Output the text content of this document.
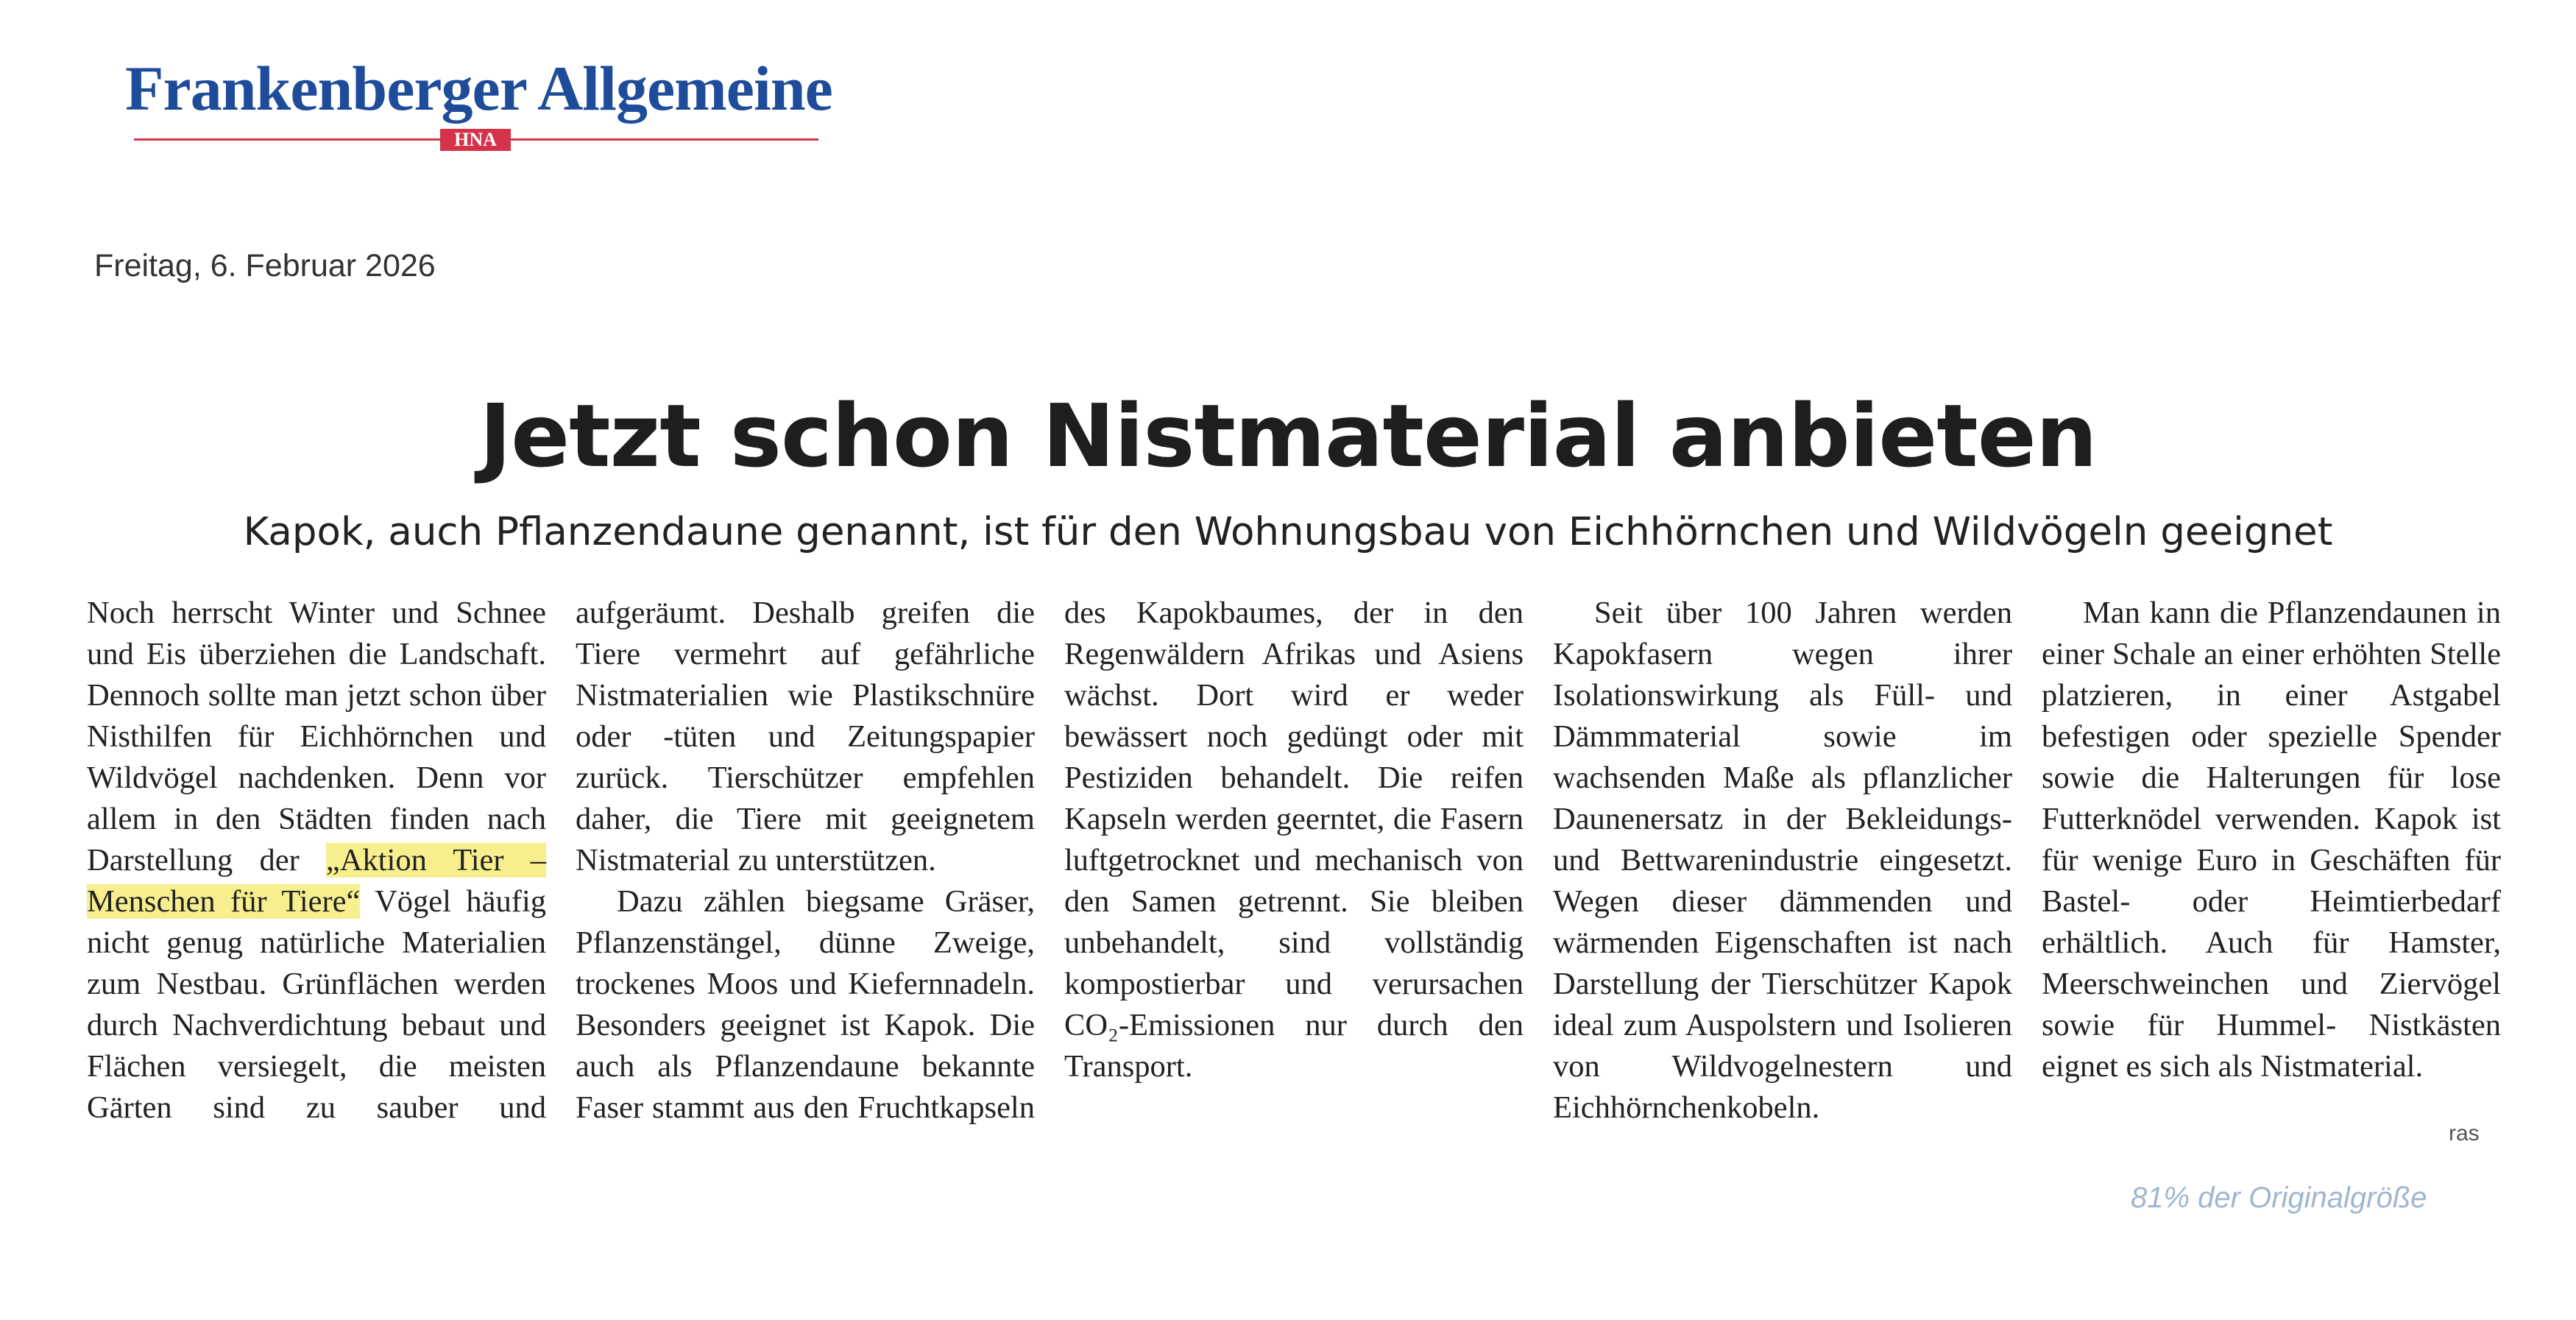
Frankenberger Allgemeine
HNA
Freitag, 6. Februar 2026
Jetzt schon Nistmaterial anbieten
Kapok, auch Pflanzendaune genannt, ist für den Wohnungsbau von Eichhörnchen und Wildvögeln geeignet

Noch herrscht Winter und Schnee und Eis überziehen die Landschaft. Dennoch sollte man jetzt schon über Nisthilfen für Eichhörnchen und Wildvögel nachdenken. Denn vor allem in den Städten finden nach Darstellung der „Aktion Tier – Menschen für Tiere“ Vögel häufig nicht genug natürliche Materialien zum Nestbau. Grünflächen werden durch Nachverdichtung bebaut und Flächen versiegelt, die meisten Gärten sind zu sauber und aufgeräumt. Deshalb greifen die Tiere vermehrt auf gefährliche Nistmaterialien wie Plastikschnüre oder -tüten und Zeitungspapier zurück. Tierschützer empfehlen daher, die Tiere mit geeignetem Nistmaterial zu unterstützen.

Dazu zählen biegsame Gräser, Pflanzenstängel, dünne Zweige, trockenes Moos und Kiefernnadeln. Besonders geeignet ist Kapok. Die auch als Pflanzendaune bekannte Faser stammt aus den Fruchtkapseln des Kapokbaumes, der in den Regenwäldern Afrikas und Asiens wächst. Dort wird er weder bewässert noch gedüngt oder mit Pestiziden behandelt. Die reifen Kapseln werden geerntet, die Fasern luftgetrocknet und mechanisch von den Samen getrennt. Sie bleiben unbehandelt, sind vollständig kompostierbar und verursachen CO₂-Emissionen nur durch den Transport.

Seit über 100 Jahren werden Kapokfasern wegen ihrer Isolationswirkung als Füll- und Dämmmaterial sowie im wachsenden Maße als pflanzlicher Daunenersatz in der Bekleidungs- und Bettwarenindustrie eingesetzt. Wegen dieser dämmenden und wärmenden Eigenschaften ist nach Darstellung der Tierschützer Kapok ideal zum Auspolstern und Isolieren von Wildvogelnestern und Eichhörnchenkobeln.

Man kann die Pflanzendaunen in einer Schale an einer erhöhten Stelle platzieren, in einer Astgabel befestigen oder spezielle Spender sowie die Halterungen für lose Futterknödel verwenden. Kapok ist für wenige Euro in Geschäften für Bastel- oder Heimtierbedarf erhältlich. Auch für Hamster, Meerschweinchen und Ziervögel sowie für Hummel- Nistkästen eignet es sich als Nistmaterial.

ras
81% der Originalgröße
